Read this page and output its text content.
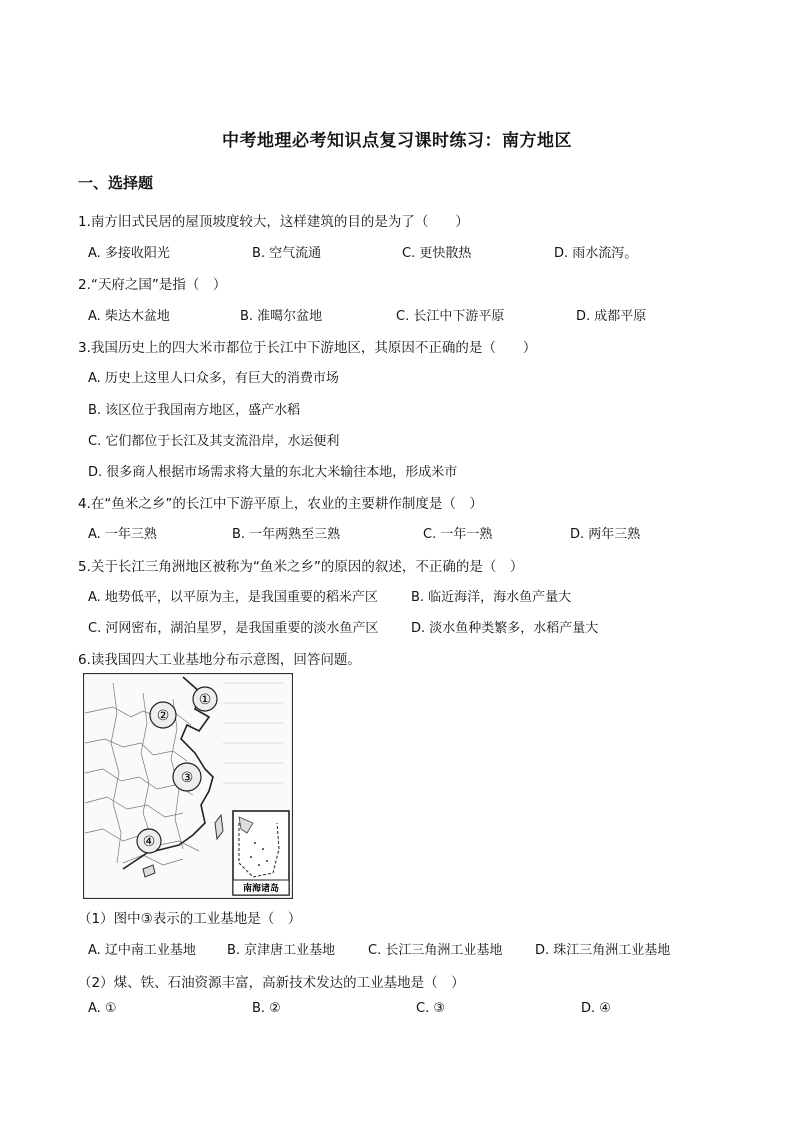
中考地理必考知识点复习课时练习：南方地区
一、选择题
1.南方旧式民居的屋顶坡度较大，这样建筑的目的是为了（　　）
A. 多接收阳光	B. 空气流通	C. 更快散热	D. 雨水流泻。
2.“天府之国”是指（　）
A. 柴达木盆地	B. 准噶尔盆地	C. 长江中下游平原	D. 成都平原
3.我国历史上的四大米市都位于长江中下游地区，其原因不正确的是（　　）
A. 历史上这里人口众多，有巨大的消费市场
B. 该区位于我国南方地区，盛产水稻
C. 它们都位于长江及其支流沿岸，水运便利
D. 很多商人根据市场需求将大量的东北大米输往本地，形成米市
4.在“鱼米之乡”的长江中下游平原上，农业的主要耕作制度是（　）
A. 一年三熟	B. 一年两熟至三熟	C. 一年一熟	D. 两年三熟
5.关于长江三角洲地区被称为“鱼米之乡”的原因的叙述，不正确的是（　）
A. 地势低平，以平原为主，是我国重要的稻米产区	B. 临近海洋，海水鱼产量大
C. 河网密布，湖泊星罗，是我国重要的淡水鱼产区	D. 淡水鱼种类繁多，水稻产量大
6.读我国四大工业基地分布示意图，回答问题。
①
②
③
④
南海诸岛
（1）图中③表示的工业基地是（　）
A. 辽中南工业基地 B. 京津唐工业基地	C. 长江三角洲工业基地	D. 珠江三角洲工业基地
（2）煤、铁、石油资源丰富，高新技术发达的工业基地是（　）
A. ①	B. ②	C. ③	D. ④
